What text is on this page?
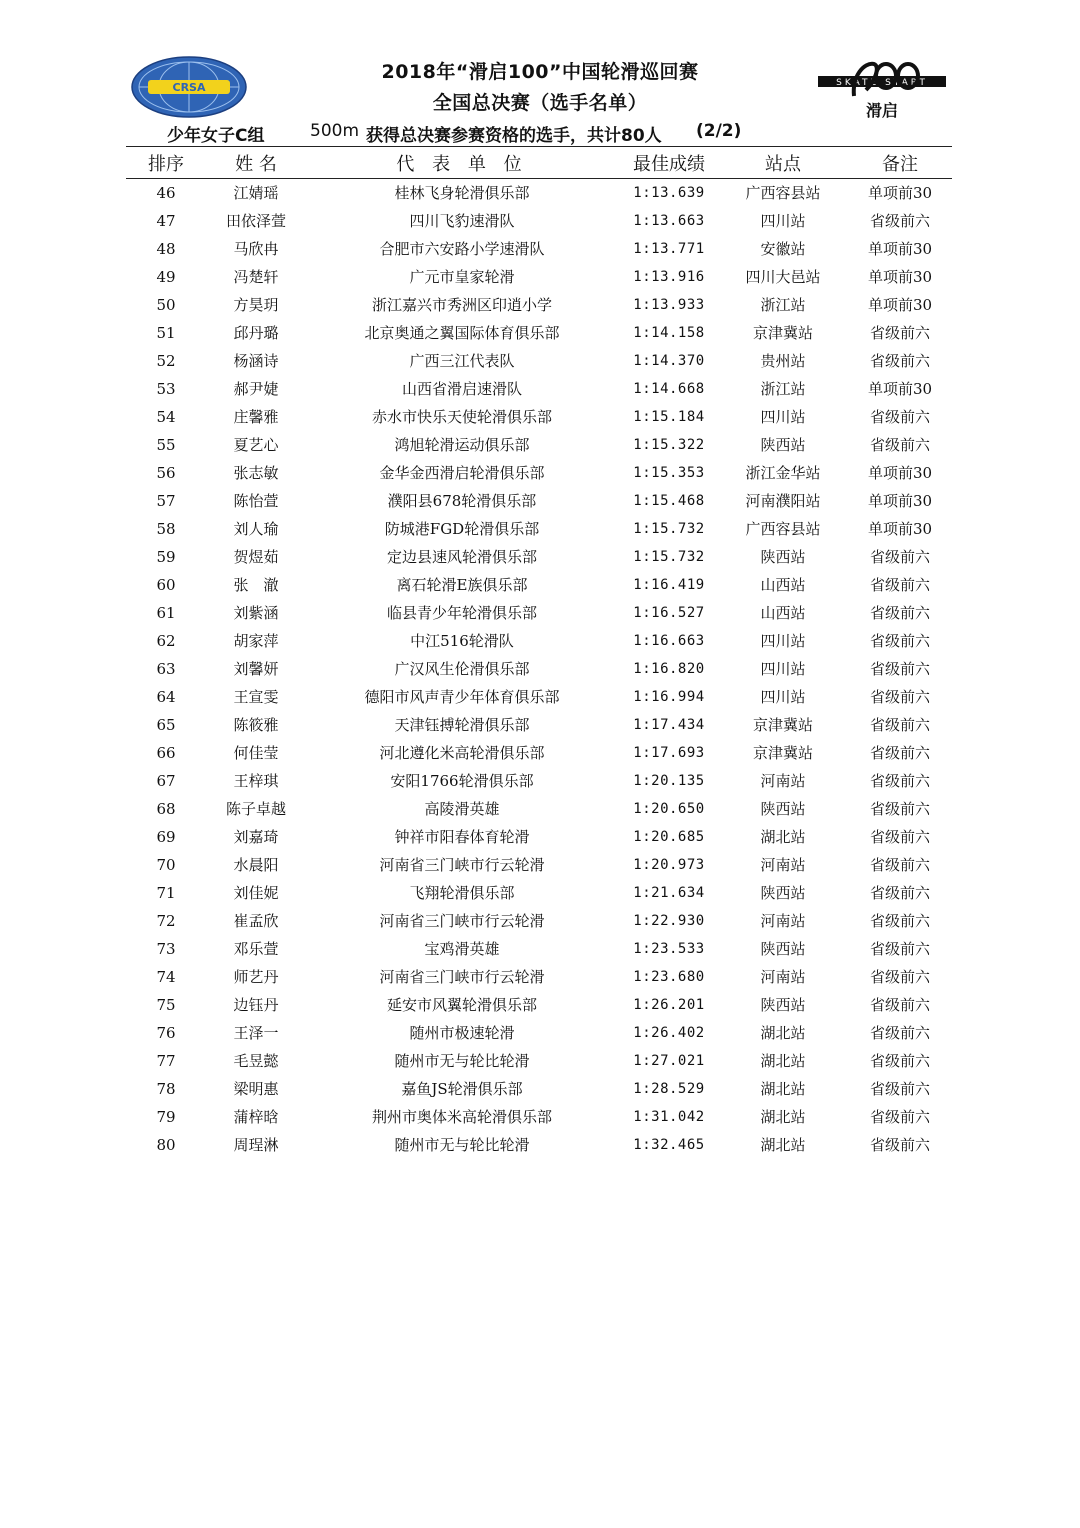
CRSA	SKATE START
滑启
2018年“滑启100”中国轮滑巡回赛
全国总决赛（选手名单）
少年女子C组	500m 获得总决赛参赛资格的选手，共计80人 (2/2)
排序	姓 名	代 表 单 位	最佳成绩	站点	备注
46	江婧瑶	桂林飞身轮滑俱乐部	1:13.639	广西容县站	单项前30
47	田依泽萱	四川飞豹速滑队	1:13.663	四川站	省级前六
48	马欣冉	合肥市六安路小学速滑队	1:13.771	安徽站	单项前30
49	冯楚轩	广元市皇家轮滑	1:13.916	四川大邑站	单项前30
50	方昊玥	浙江嘉兴市秀洲区印逍小学	1:13.933	浙江站	单项前30
51	邱丹璐	北京奥通之翼国际体育俱乐部	1:14.158	京津冀站	省级前六
52	杨涵诗	广西三江代表队	1:14.370	贵州站	省级前六
53	郝尹婕	山西省滑启速滑队	1:14.668	浙江站	单项前30
54	庄馨雅	赤水市快乐天使轮滑俱乐部	1:15.184	四川站	省级前六
55	夏艺心	鸿旭轮滑运动俱乐部	1:15.322	陕西站	省级前六
56	张志敏	金华金西滑启轮滑俱乐部	1:15.353	浙江金华站	单项前30
57	陈怡萱	濮阳县678轮滑俱乐部	1:15.468	河南濮阳站	单项前30
58	刘人瑜	防城港FGD轮滑俱乐部	1:15.732	广西容县站	单项前30
59	贺煜茹	定边县速风轮滑俱乐部	1:15.732	陕西站	省级前六
60	张　澈	离石轮滑E族俱乐部	1:16.419	山西站	省级前六
61	刘紫涵	临县青少年轮滑俱乐部	1:16.527	山西站	省级前六
62	胡家萍	中江516轮滑队	1:16.663	四川站	省级前六
63	刘馨妍	广汉风生伦滑俱乐部	1:16.820	四川站	省级前六
64	王宣雯	德阳市风声青少年体育俱乐部	1:16.994	四川站	省级前六
65	陈筱雅	天津钰搏轮滑俱乐部	1:17.434	京津冀站	省级前六
66	何佳莹	河北遵化米高轮滑俱乐部	1:17.693	京津冀站	省级前六
67	王梓琪	安阳1766轮滑俱乐部	1:20.135	河南站	省级前六
68	陈子卓越	高陵滑英雄	1:20.650	陕西站	省级前六
69	刘嘉琦	钟祥市阳春体育轮滑	1:20.685	湖北站	省级前六
70	水晨阳	河南省三门峡市行云轮滑	1:20.973	河南站	省级前六
71	刘佳妮	飞翔轮滑俱乐部	1:21.634	陕西站	省级前六
72	崔孟欣	河南省三门峡市行云轮滑	1:22.930	河南站	省级前六
73	邓乐萱	宝鸡滑英雄	1:23.533	陕西站	省级前六
74	师艺丹	河南省三门峡市行云轮滑	1:23.680	河南站	省级前六
75	边钰丹	延安市风翼轮滑俱乐部	1:26.201	陕西站	省级前六
76	王泽一	随州市极速轮滑	1:26.402	湖北站	省级前六
77	毛昱懿	随州市无与轮比轮滑	1:27.021	湖北站	省级前六
78	梁明惠	嘉鱼JS轮滑俱乐部	1:28.529	湖北站	省级前六
79	蒲梓晗	荆州市奥体米高轮滑俱乐部	1:31.042	湖北站	省级前六
80	周珵淋	随州市无与轮比轮滑	1:32.465	湖北站	省级前六
